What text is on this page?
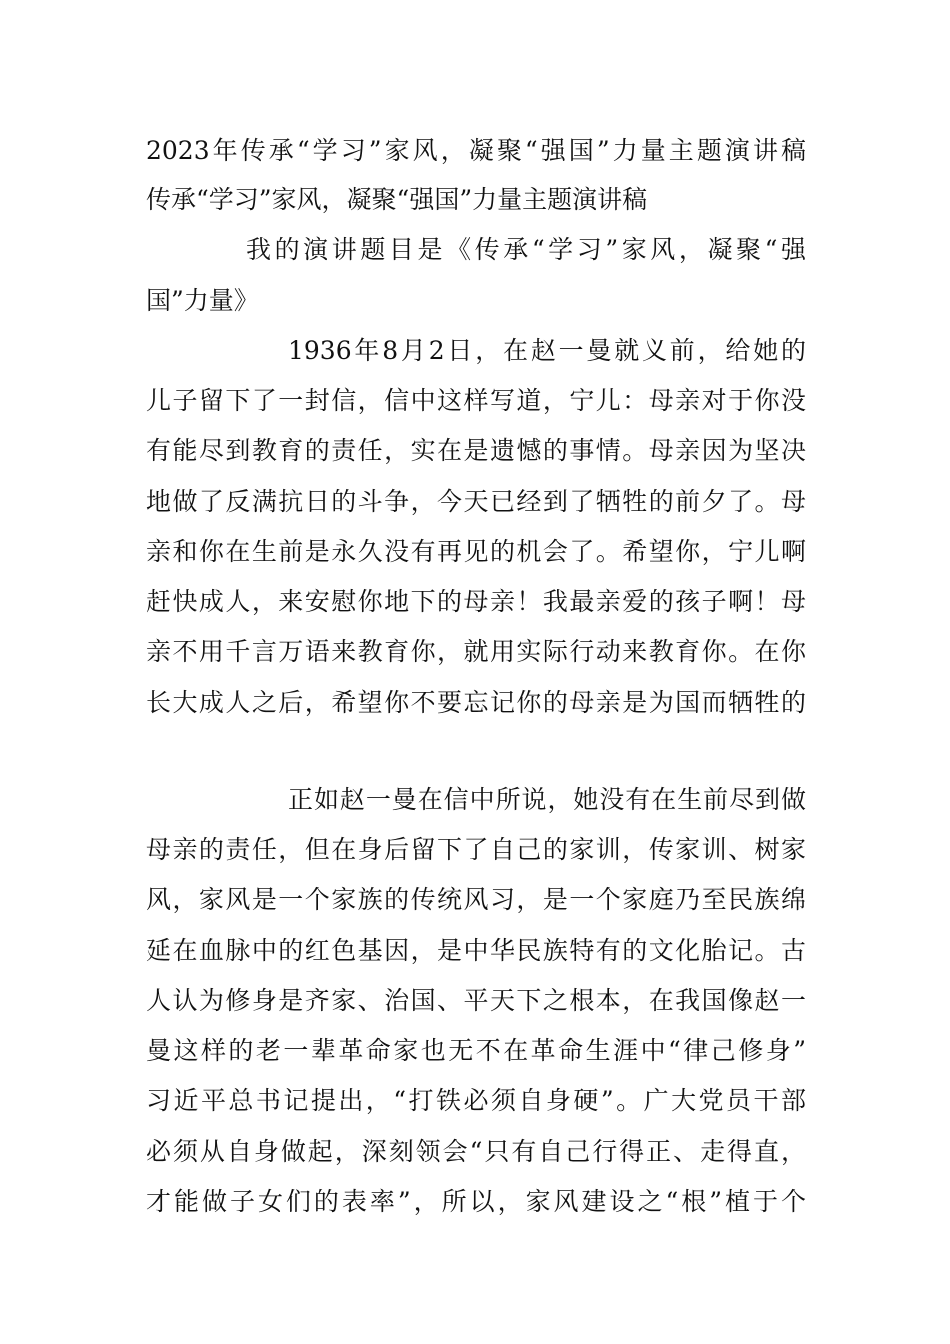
2023年传承“学习”家风，凝聚“强国”力量主题演讲稿
传承“学习”家风，凝聚“强国”力量主题演讲稿
我的演讲题目是《传承“学习”家风，凝聚“强
国”力量》
1936年8月2日，在赵一曼就义前，给她的
儿子留下了一封信，信中这样写道，宁儿：母亲对于你没
有能尽到教育的责任，实在是遗憾的事情。母亲因为坚决
地做了反满抗日的斗争，今天已经到了牺牲的前夕了。母
亲和你在生前是永久没有再见的机会了。希望你，宁儿啊
赶快成人，来安慰你地下的母亲！我最亲爱的孩子啊！母
亲不用千言万语来教育你，就用实际行动来教育你。在你
长大成人之后，希望你不要忘记你的母亲是为国而牺牲的
正如赵一曼在信中所说，她没有在生前尽到做
母亲的责任，但在身后留下了自己的家训，传家训、树家
风，家风是一个家族的传统风习，是一个家庭乃至民族绵
延在血脉中的红色基因，是中华民族特有的文化胎记。古
人认为修身是齐家、治国、平天下之根本，在我国像赵一
曼这样的老一辈革命家也无不在革命生涯中“律己修身”
习近平总书记提出，“打铁必须自身硬”。广大党员干部
必须从自身做起，深刻领会“只有自己行得正、走得直，
才能做子女们的表率”，所以，家风建设之“根”植于个
